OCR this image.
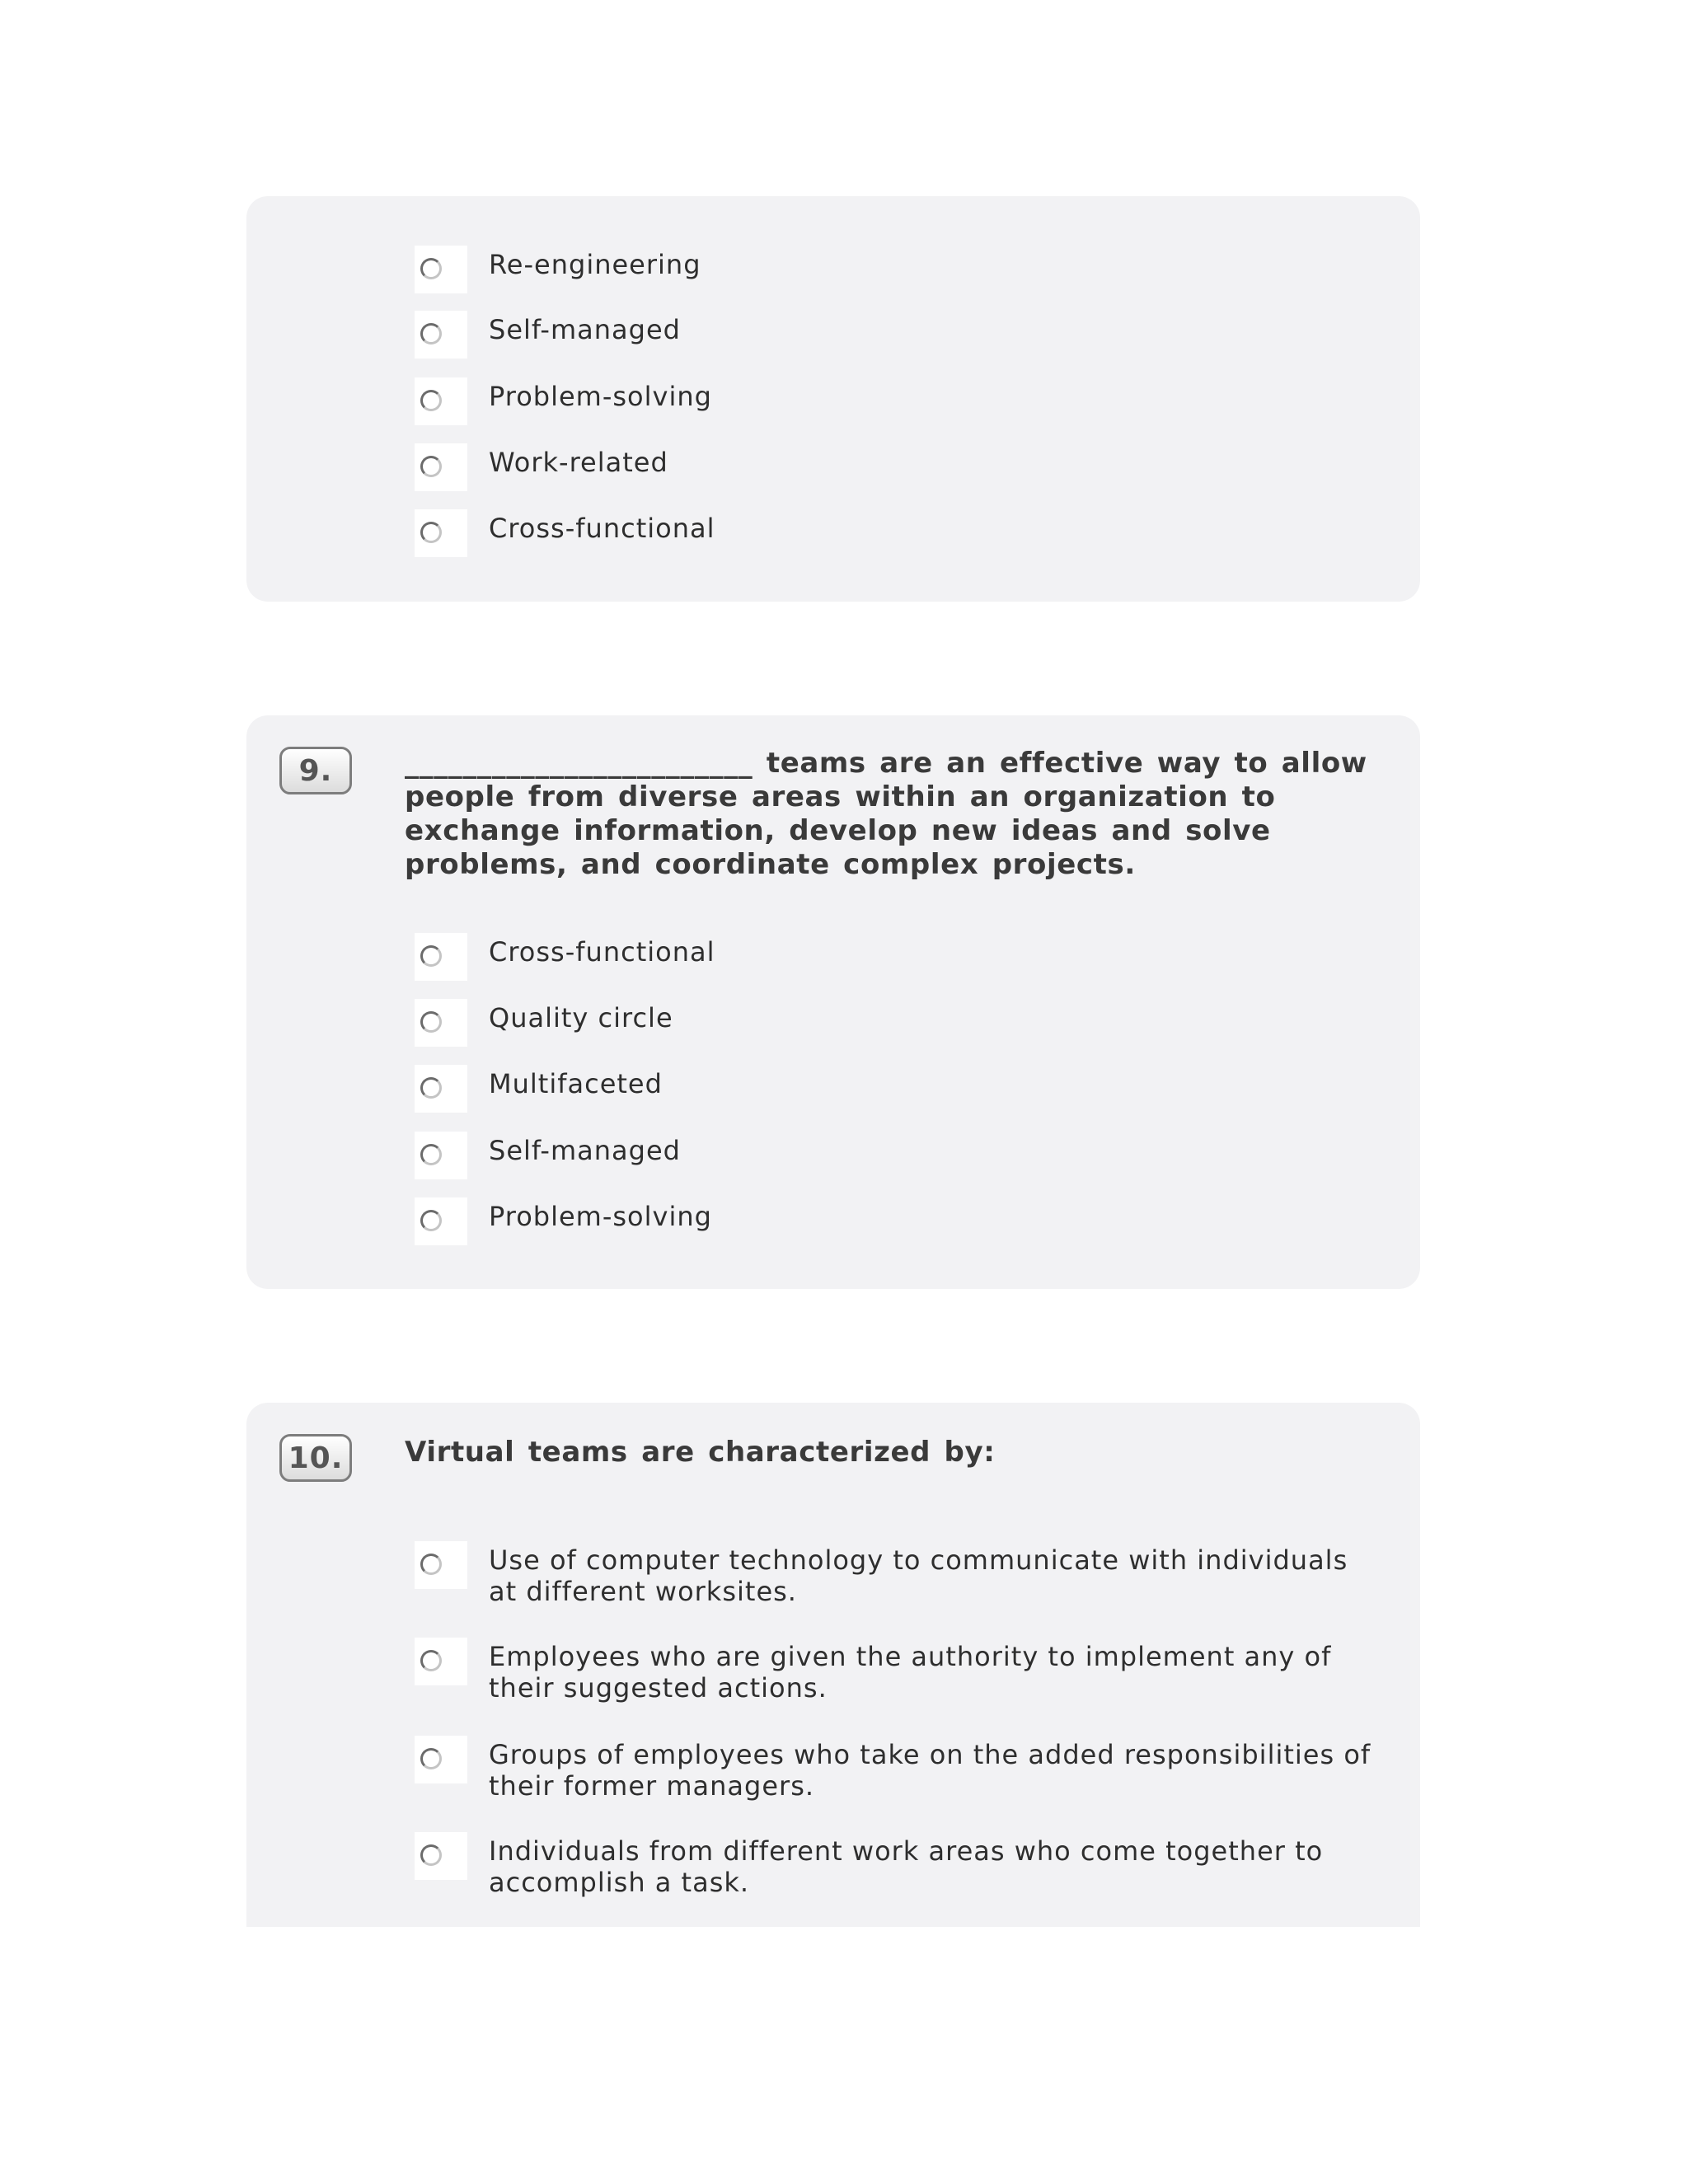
Re-engineering
Self-managed
Problem-solving
Work-related
Cross-functional
9.	________________________ teams are an effective way to allow people from diverse areas within an organization to exchange information, develop new ideas and solve problems, and coordinate complex projects.

Cross-functional
Quality circle
Multifaceted
Self-managed
Problem-solving
10.	Virtual teams are characterized by:

Use of computer technology to communicate with individuals at different worksites.
Employees who are given the authority to implement any of their suggested actions.
Groups of employees who take on the added responsibilities of their former managers.
Individuals from different work areas who come together to accomplish a task.
